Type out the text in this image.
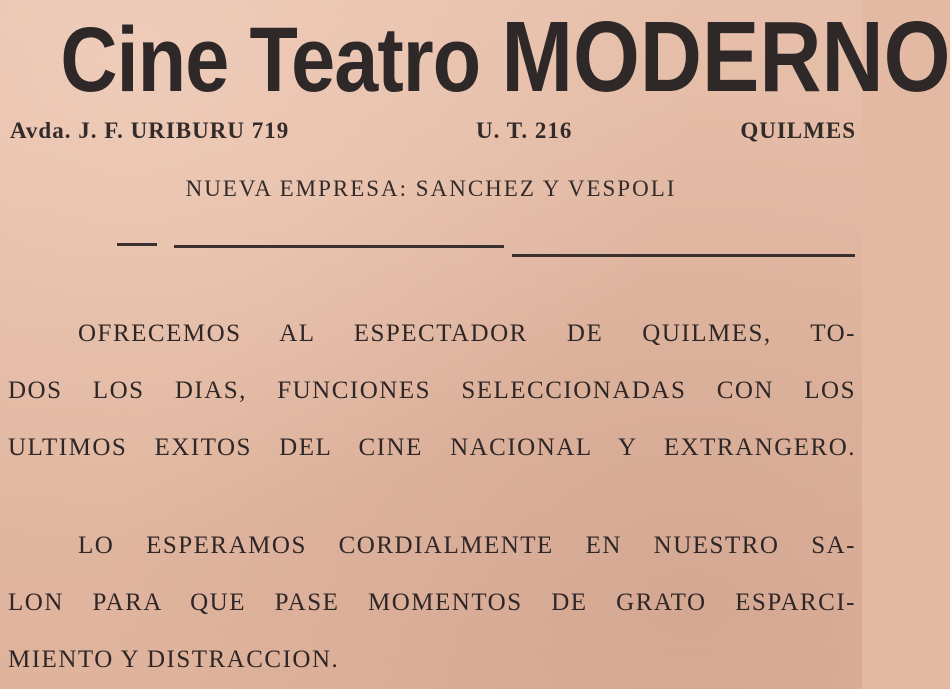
Cine Teatro MODERNO
Avda. J. F. URIBURU 719	U. T. 216	QUILMES
NUEVA EMPRESA: SANCHEZ Y VESPOLI
OFRECEMOS AL ESPECTADOR DE QUILMES, TO-
DOS LOS DIAS, FUNCIONES SELECCIONADAS CON LOS
ULTIMOS EXITOS DEL CINE NACIONAL Y EXTRANGERO.
LO ESPERAMOS CORDIALMENTE EN NUESTRO SA-
LON PARA QUE PASE MOMENTOS DE GRATO ESPARCI-
MIENTO Y DISTRACCION.
